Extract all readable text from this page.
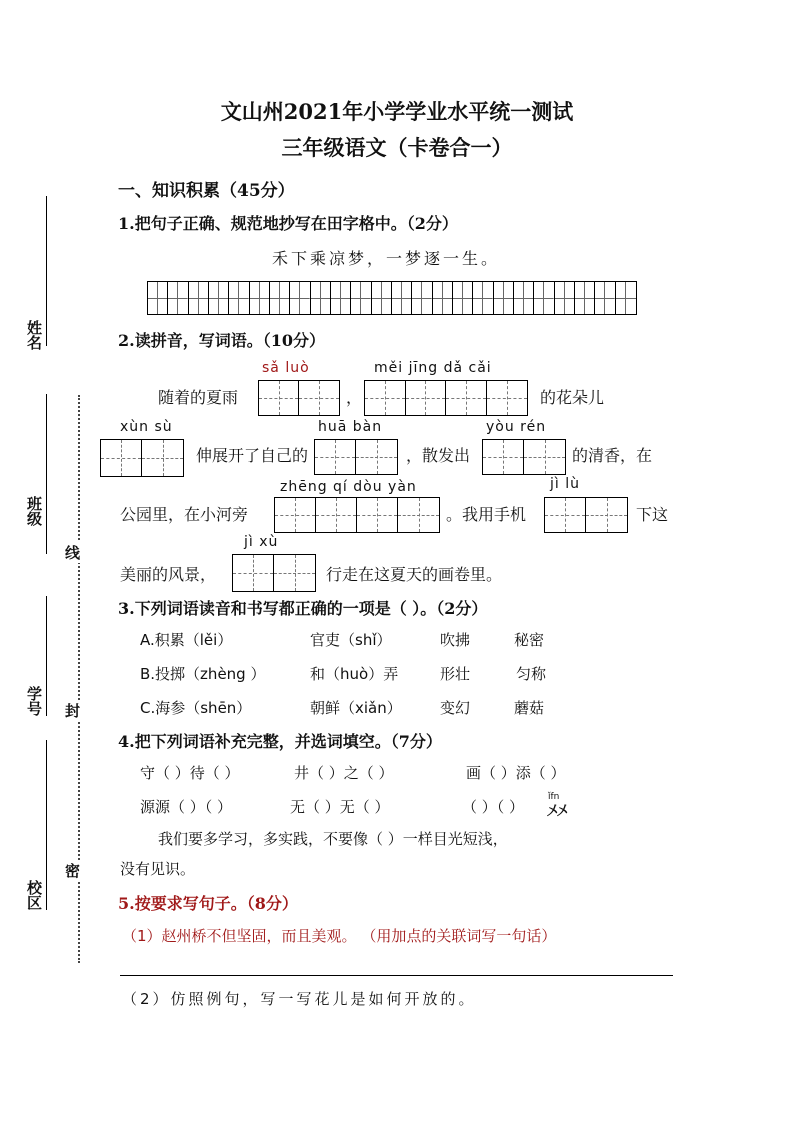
文山州2021年小学学业水平统一测试
三年级语文（卡卷合一）
姓名
班级
学号
校区
线
封
密
一、知识积累（45分）
1.把句子正确、规范地抄写在田字格中。（2分）
禾下乘凉梦，一梦逐一生。
2.读拼音，写词语。（10分）
sǎ luò	měi jīng dǎ cǎi
随着的夏雨	，	的花朵儿
xùn sù	huā bàn	yòu rén
伸展开了自己的	，散发出	的清香，在
zhēng qí dòu yàn	jì lù
公园里，在小河旁	。我用手机	下这
jì xù
美丽的风景，	行走在这夏天的画卷里。
3.下列词语读音和书写都正确的一项是（ ）。（2分）
A.积累（lěi）	官吏（shǐ）	吹拂	秘密
B.投掷（zhèng ）	和（huò）弄	形壮	匀称
C.海参（shēn）	朝鲜（xiǎn）	变幻	蘑菇
4.把下列词语补充完整，并选词填空。（7分）
守（ ）待（ ）	井（ ）之（ ）	画（ ）添（ ）
源源（ ）（ ）	无（ ）无（ ）	（ ）（ ）
ǐfn
〤〤
我们要多学习，多实践，不要像（ ）一样目光短浅，
没有见识。
5.按要求写句子。（8分）
（1）赵州桥不但坚固，而且美观。 （用加点的关联词写一句话）
（2）仿照例句，写一写花儿是如何开放的。
